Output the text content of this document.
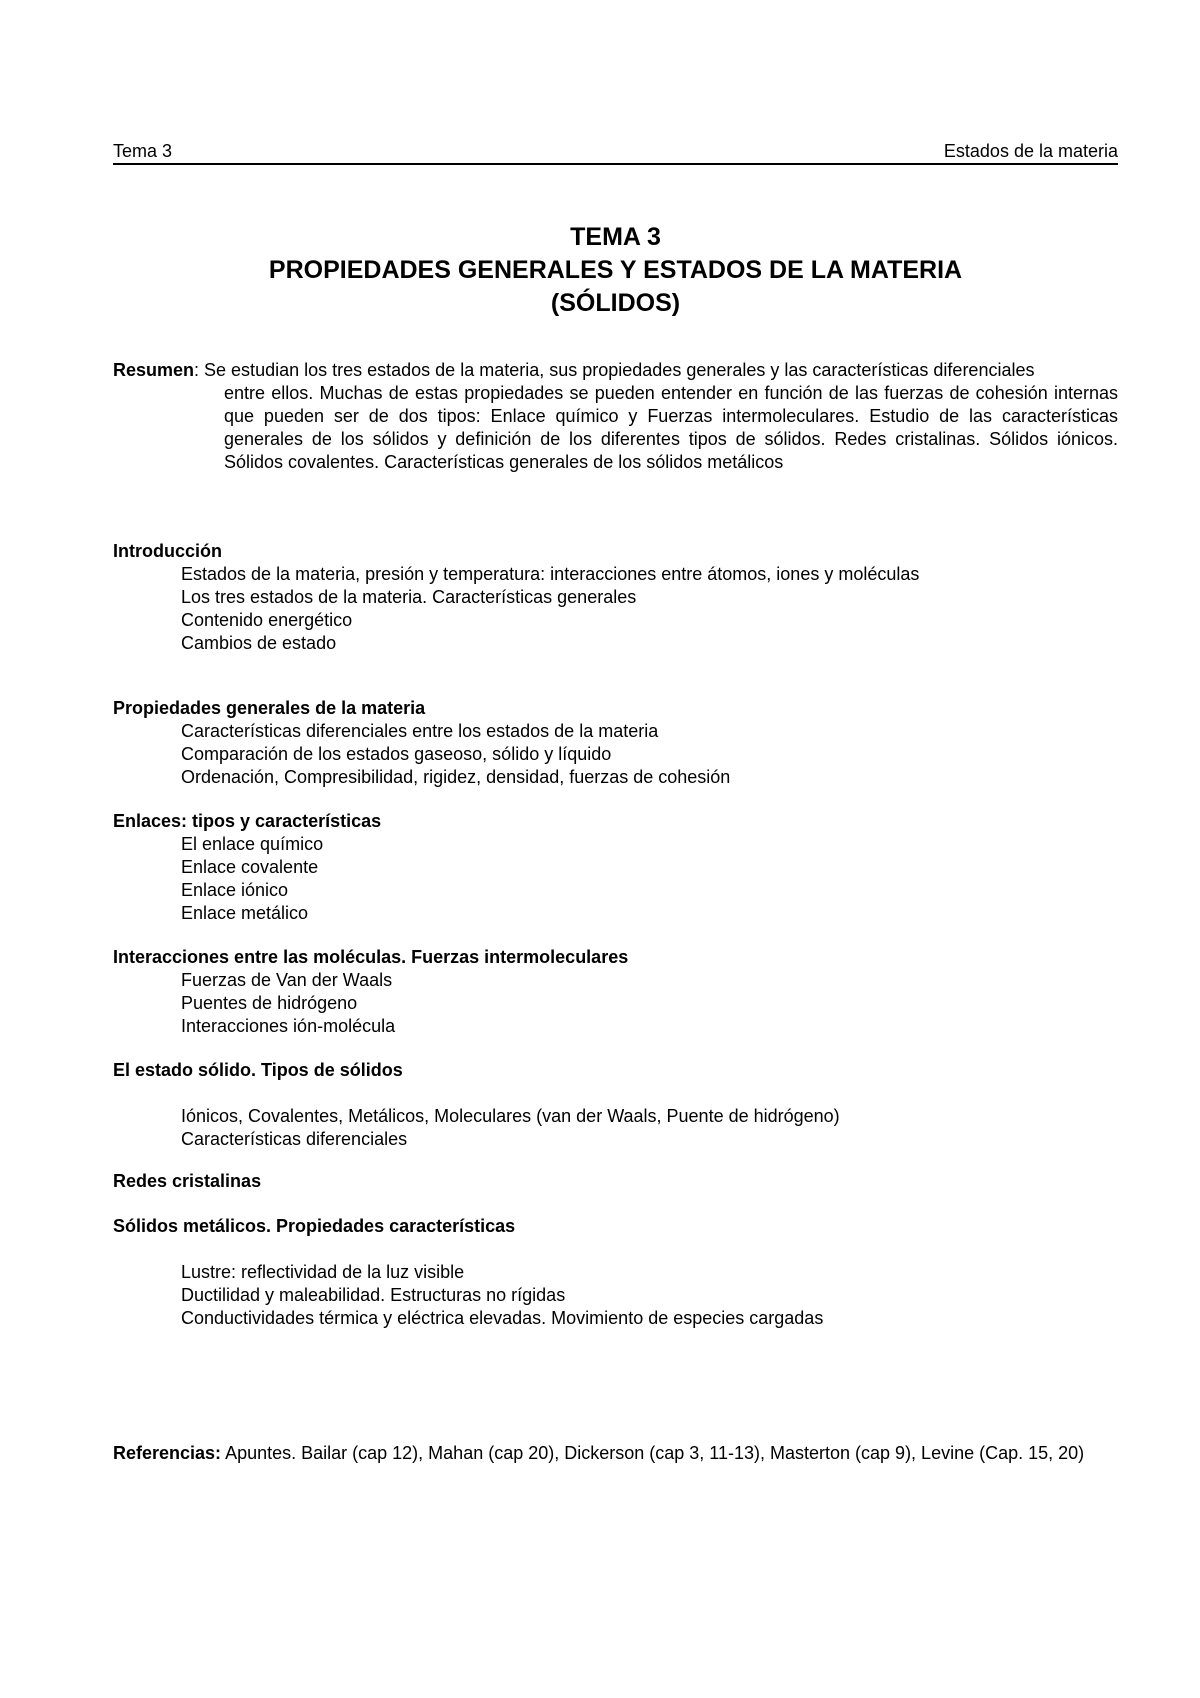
Tema 3	Estados de la materia
TEMA 3
PROPIEDADES GENERALES Y ESTADOS DE LA MATERIA
(SÓLIDOS)
Resumen: Se estudian los tres estados de la materia, sus propiedades generales y las características diferenciales
entre ellos. Muchas de estas propiedades se pueden entender en función de las fuerzas de cohesión internas que pueden ser de dos tipos: Enlace químico y Fuerzas intermoleculares. Estudio de las características generales de los sólidos y definición de los diferentes tipos de sólidos. Redes cristalinas. Sólidos iónicos. Sólidos covalentes. Características generales de los sólidos metálicos

Introducción

Estados de la materia, presión y temperatura: interacciones entre átomos, iones y moléculas
Los tres estados de la materia. Características generales
Contenido energético
Cambios de estado

Propiedades generales de la materia

Características diferenciales entre los estados de la materia
Comparación de los estados gaseoso, sólido y líquido
Ordenación, Compresibilidad, rigidez, densidad, fuerzas de cohesión

Enlaces: tipos y características

El enlace químico
Enlace covalente
Enlace iónico
Enlace metálico

Interacciones entre las moléculas. Fuerzas intermoleculares

Fuerzas de Van der Waals
Puentes de hidrógeno
Interacciones ión-molécula

El estado sólido. Tipos de sólidos

Iónicos, Covalentes, Metálicos, Moleculares (van der Waals, Puente de hidrógeno)
Características diferenciales

Redes cristalinas

Sólidos metálicos. Propiedades características

Lustre: reflectividad de la luz visible
Ductilidad y maleabilidad. Estructuras no rígidas
Conductividades térmica y eléctrica elevadas. Movimiento de especies cargadas
Referencias: Apuntes. Bailar (cap 12), Mahan (cap 20), Dickerson (cap 3, 11-13), Masterton (cap 9), Levine (Cap. 15, 20)
